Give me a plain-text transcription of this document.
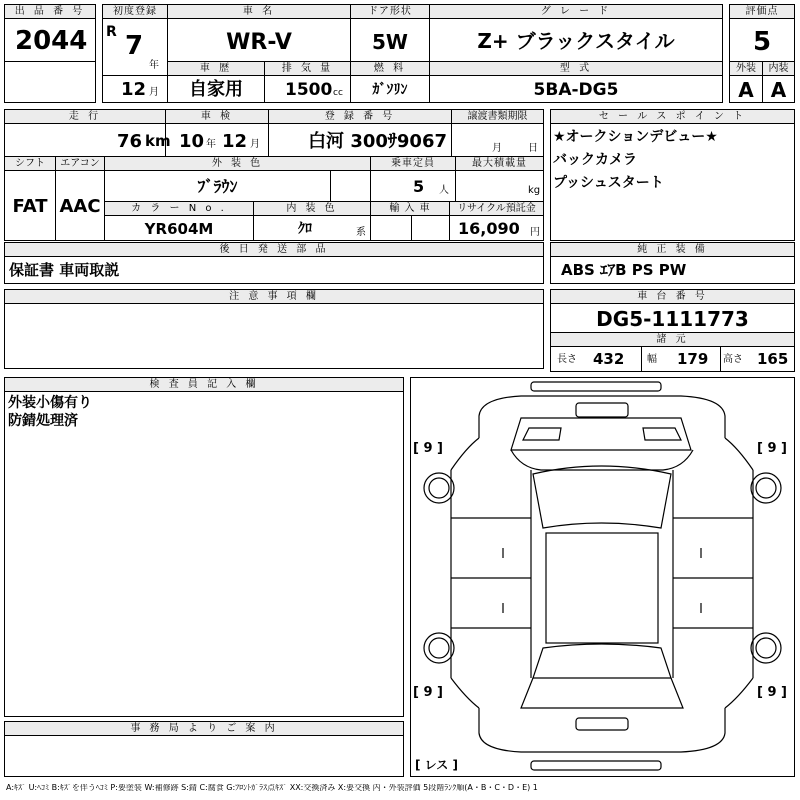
出 品 番 号
2044
初度登録
R 7
年
12 月
車 名
WR-V
ドア形状
5W
グ レ ー ド
Z+ ブラックスタイル
評価点
5
車 歴
自家用
排 気 量
1500 cc
燃 料
ｶﾞｿﾘﾝ
型 式
5BA-DG5
外装	内装
A A
走 行
76 km
車 検
10 年 12 月
登 録 番 号
白河 300ｻ9067
譲渡書類期限
月	日
セ ー ル ス ポ イ ン ト
★オークションデビュー★
バックカメラ
プッシュスタート
シフト	エアコン
FAT AAC
外 装 色
ﾌﾞﾗｳﾝ
乗車定員
5 人
最大積載量
kg
カ ラ ー N o .
YR604M
内 装 色
ｸﾛ	系
輸 入 車	リサイクル預託金
16,090 円
後 日 発 送 部 品
保証書 車両取説
純 正 装 備
ABS ｴｱB PS PW
注 意 事 項 欄	車 台 番 号
DG5-1111773
諸 元
長さ 432 幅 179 高さ 165
検 査 員 記 入 欄
外装小傷有り
防錆処理済
事 務 局 よ り ご 案 内
[ 9 ]	[ 9 ]
[ 9 ]	[ 9 ]
[ レス ]
A:ｷｽﾞ U:ﾍｺﾐ B:ｷｽﾞを伴うﾍｺﾐ P:要塗装 W:補修跡 S:錆 C:腐食 G:ﾌﾛﾝﾄｶﾞﾗｽ点ｷｽﾞ XX:交換済み X:要交換 内・外装評価 5段階ﾗﾝｸ順(A・B・C・D・E) 1
